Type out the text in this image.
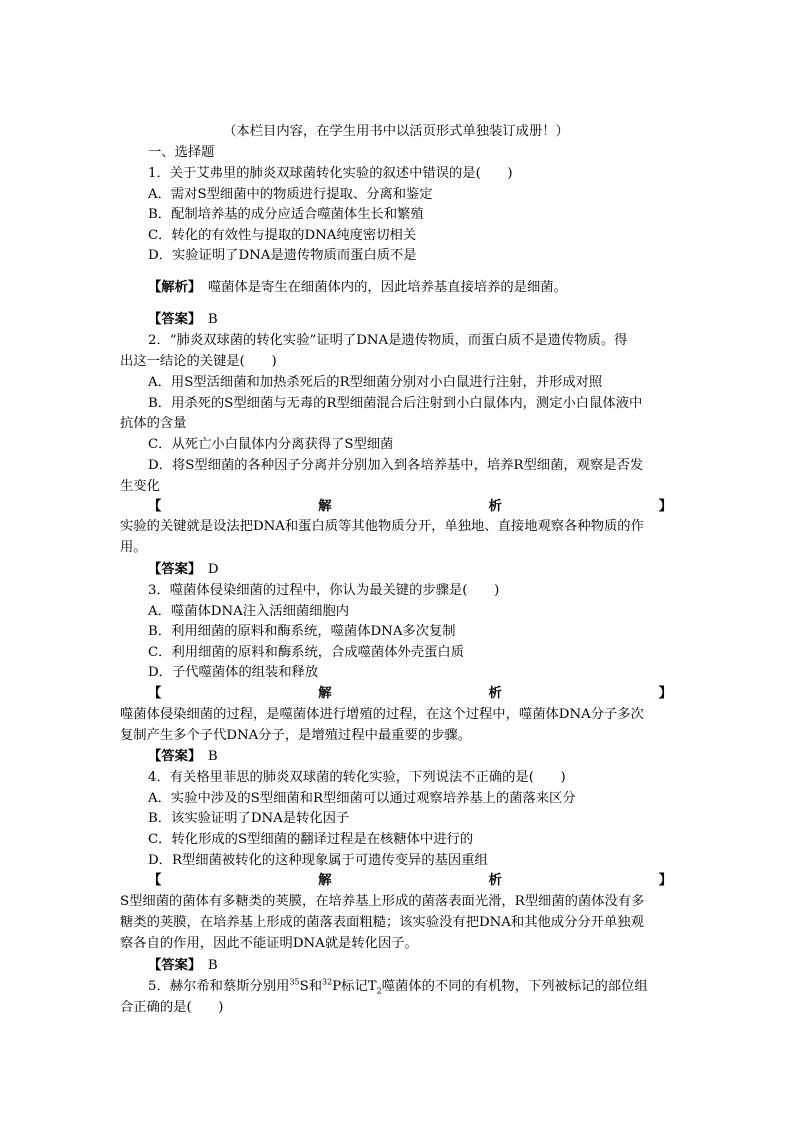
（本栏目内容，在学生用书中以活页形式单独装订成册！）
一、选择题
1．关于艾弗里的肺炎双球菌转化实验的叙述中错误的是(　　)
A．需对S型细菌中的物质进行提取、分离和鉴定
B．配制培养基的成分应适合噬菌体生长和繁殖
C．转化的有效性与提取的DNA纯度密切相关
D．实验证明了DNA是遗传物质而蛋白质不是
【解析】　噬菌体是寄生在细菌体内的，因此培养基直接培养的是细菌。
【答案】　B
2．“肺炎双球菌的转化实验”证明了DNA是遗传物质，而蛋白质不是遗传物质。得
出这一结论的关键是(　　)
A．用S型活细菌和加热杀死后的R型细菌分别对小白鼠进行注射，并形成对照
B．用杀死的S型细菌与无毒的R型细菌混合后注射到小白鼠体内，测定小白鼠体液中
抗体的含量
C．从死亡小白鼠体内分离获得了S型细菌
D．将S型细菌的各种因子分离并分别加入到各培养基中，培养R型细菌，观察是否发
生变化
【	解	析	】
实验的关键就是设法把DNA和蛋白质等其他物质分开，单独地、直接地观察各种物质的作
用。
【答案】　D
3．噬菌体侵染细菌的过程中，你认为最关键的步骤是(　　)
A．噬菌体DNA注入活细菌细胞内
B．利用细菌的原料和酶系统，噬菌体DNA多次复制
C．利用细菌的原料和酶系统，合成噬菌体外壳蛋白质
D．子代噬菌体的组装和释放
【	解	析	】
噬菌体侵染细菌的过程，是噬菌体进行增殖的过程，在这个过程中，噬菌体DNA分子多次
复制产生多个子代DNA分子，是增殖过程中最重要的步骤。
【答案】　B
4．有关格里菲思的肺炎双球菌的转化实验，下列说法不正确的是(　　)
A．实验中涉及的S型细菌和R型细菌可以通过观察培养基上的菌落来区分
B．该实验证明了DNA是转化因子
C．转化形成的S型细菌的翻译过程是在核糖体中进行的
D．R型细菌被转化的这种现象属于可遗传变异的基因重组
【	解	析	】
S型细菌的菌体有多糖类的荚膜，在培养基上形成的菌落表面光滑，R型细菌的菌体没有多
糖类的荚膜，在培养基上形成的菌落表面粗糙；该实验没有把DNA和其他成分分开单独观
察各自的作用，因此不能证明DNA就是转化因子。
【答案】　B
5．赫尔希和蔡斯分别用$^{35}$S和$^{32}$P标记$T_2$噬菌体的不同的有机物，下列被标记的部位组
合正确的是(　　)
